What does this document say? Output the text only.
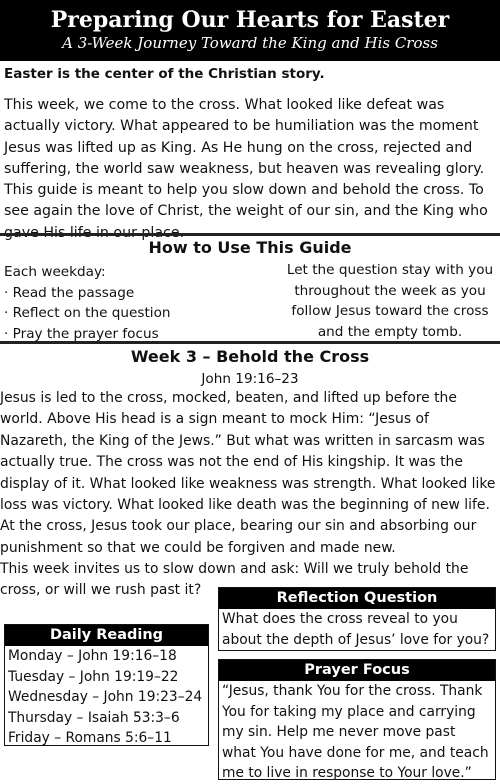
Preparing Our Hearts for Easter
A 3-Week Journey Toward the King and His Cross
Easter is the center of the Christian story.
This week, we come to the cross. What looked like defeat was actually victory. What appeared to be humiliation was the moment Jesus was lifted up as King. As He hung on the cross, rejected and suffering, the world saw weakness, but heaven was revealing glory. This guide is meant to help you slow down and behold the cross. To see again the love of Christ, the weight of our sin, and the King who
How to Use This Guide
Each weekday:
· Read the passage
· Reflect on the question
· Pray the prayer focus
Let the question stay with you throughout the week as you follow Jesus toward the cross and the empty tomb.
Week 3 – Behold the Cross
John 19:16–23
Jesus is led to the cross, mocked, beaten, and lifted up before the world. Above His head is a sign meant to mock Him: “Jesus of Nazareth, the King of the Jews.” But what was written in sarcasm was actually true. The cross was not the end of His kingship. It was the display of it. What looked like weakness was strength. What looked like loss was victory. What looked like death was the beginning of new life. At the cross, Jesus took our place, bearing our sin and absorbing our punishment so that we could be forgiven and made new.
This week invites us to slow down and ask: Will we truly behold the cross, or will we rush past it?
Daily Reading
Monday – John 19:16–18
Tuesday – John 19:19–22
Wednesday – John 19:23–24
Thursday – Isaiah 53:3–6
Friday – Romans 5:6–11
Reflection Question
What does the cross reveal to you about the depth of Jesus’ love for you?
Prayer Focus
“Jesus, thank You for the cross. Thank You for taking my place and carrying my sin. Help me never move past what You have done for me, and teach me to live in response to Your love.”
